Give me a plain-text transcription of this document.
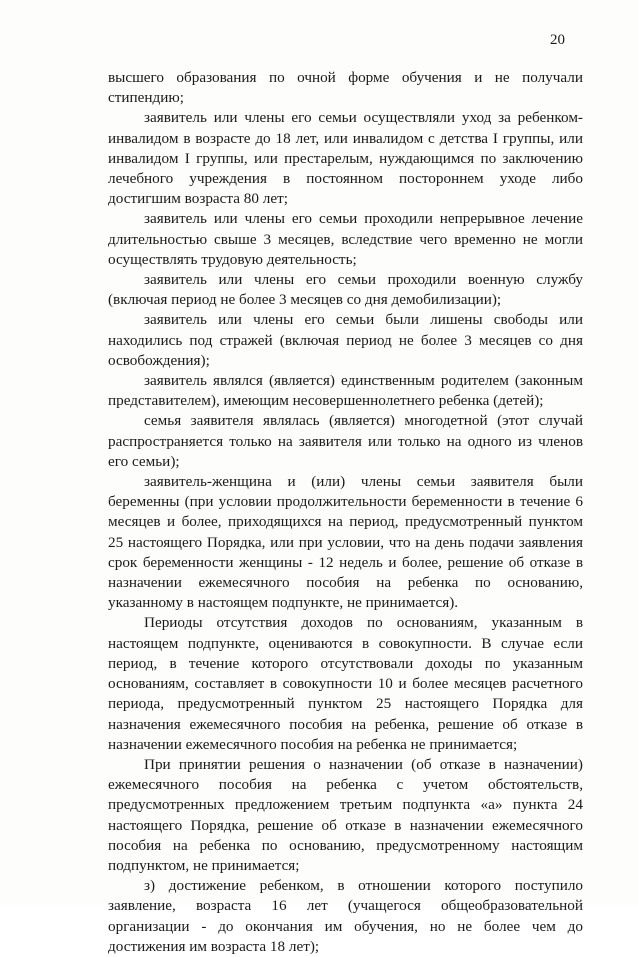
20

высшего образования по очной форме обучения и не получали стипендию;

заявитель или члены его семьи осуществляли уход за ребенком-инвалидом в возрасте до 18 лет, или инвалидом с детства I группы, или инвалидом I группы, или престарелым, нуждающимся по заключению лечебного учреждения в постоянном постороннем уходе либо достигшим возраста 80 лет;

заявитель или члены его семьи проходили непрерывное лечение длительностью свыше 3 месяцев, вследствие чего временно не могли осуществлять трудовую деятельность;

заявитель или члены его семьи проходили военную службу (включая период не более 3 месяцев со дня демобилизации);

заявитель или члены его семьи были лишены свободы или находились под стражей (включая период не более 3 месяцев со дня освобождения);

заявитель являлся (является) единственным родителем (законным представителем), имеющим несовершеннолетнего ребенка (детей);

семья заявителя являлась (является) многодетной (этот случай распространяется только на заявителя или только на одного из членов его семьи);

заявитель-женщина и (или) члены семьи заявителя были беременны (при условии продолжительности беременности в течение 6 месяцев и более, приходящихся на период, предусмотренный пунктом 25 настоящего Порядка, или при условии, что на день подачи заявления срок беременности женщины - 12 недель и более, решение об отказе в назначении ежемесячного пособия на ребенка по основанию, указанному в настоящем подпункте, не принимается).

Периоды отсутствия доходов по основаниям, указанным в настоящем подпункте, оцениваются в совокупности. В случае если период, в течение которого отсутствовали доходы по указанным основаниям, составляет в совокупности 10 и более месяцев расчетного периода, предусмотренный пунктом 25 настоящего Порядка для назначения ежемесячного пособия на ребенка, решение об отказе в назначении ежемесячного пособия на ребенка не принимается;

При принятии решения о назначении (об отказе в назначении) ежемесячного пособия на ребенка с учетом обстоятельств, предусмотренных предложением третьим подпункта «а» пункта 24 настоящего Порядка, решение об отказе в назначении ежемесячного пособия на ребенка по основанию, предусмотренному настоящим подпунктом, не принимается;

з) достижение ребенком, в отношении которого поступило заявление, возраста 16 лет (учащегося общеобразовательной организации - до окончания им обучения, но не более чем до достижения им возраста 18 лет);
